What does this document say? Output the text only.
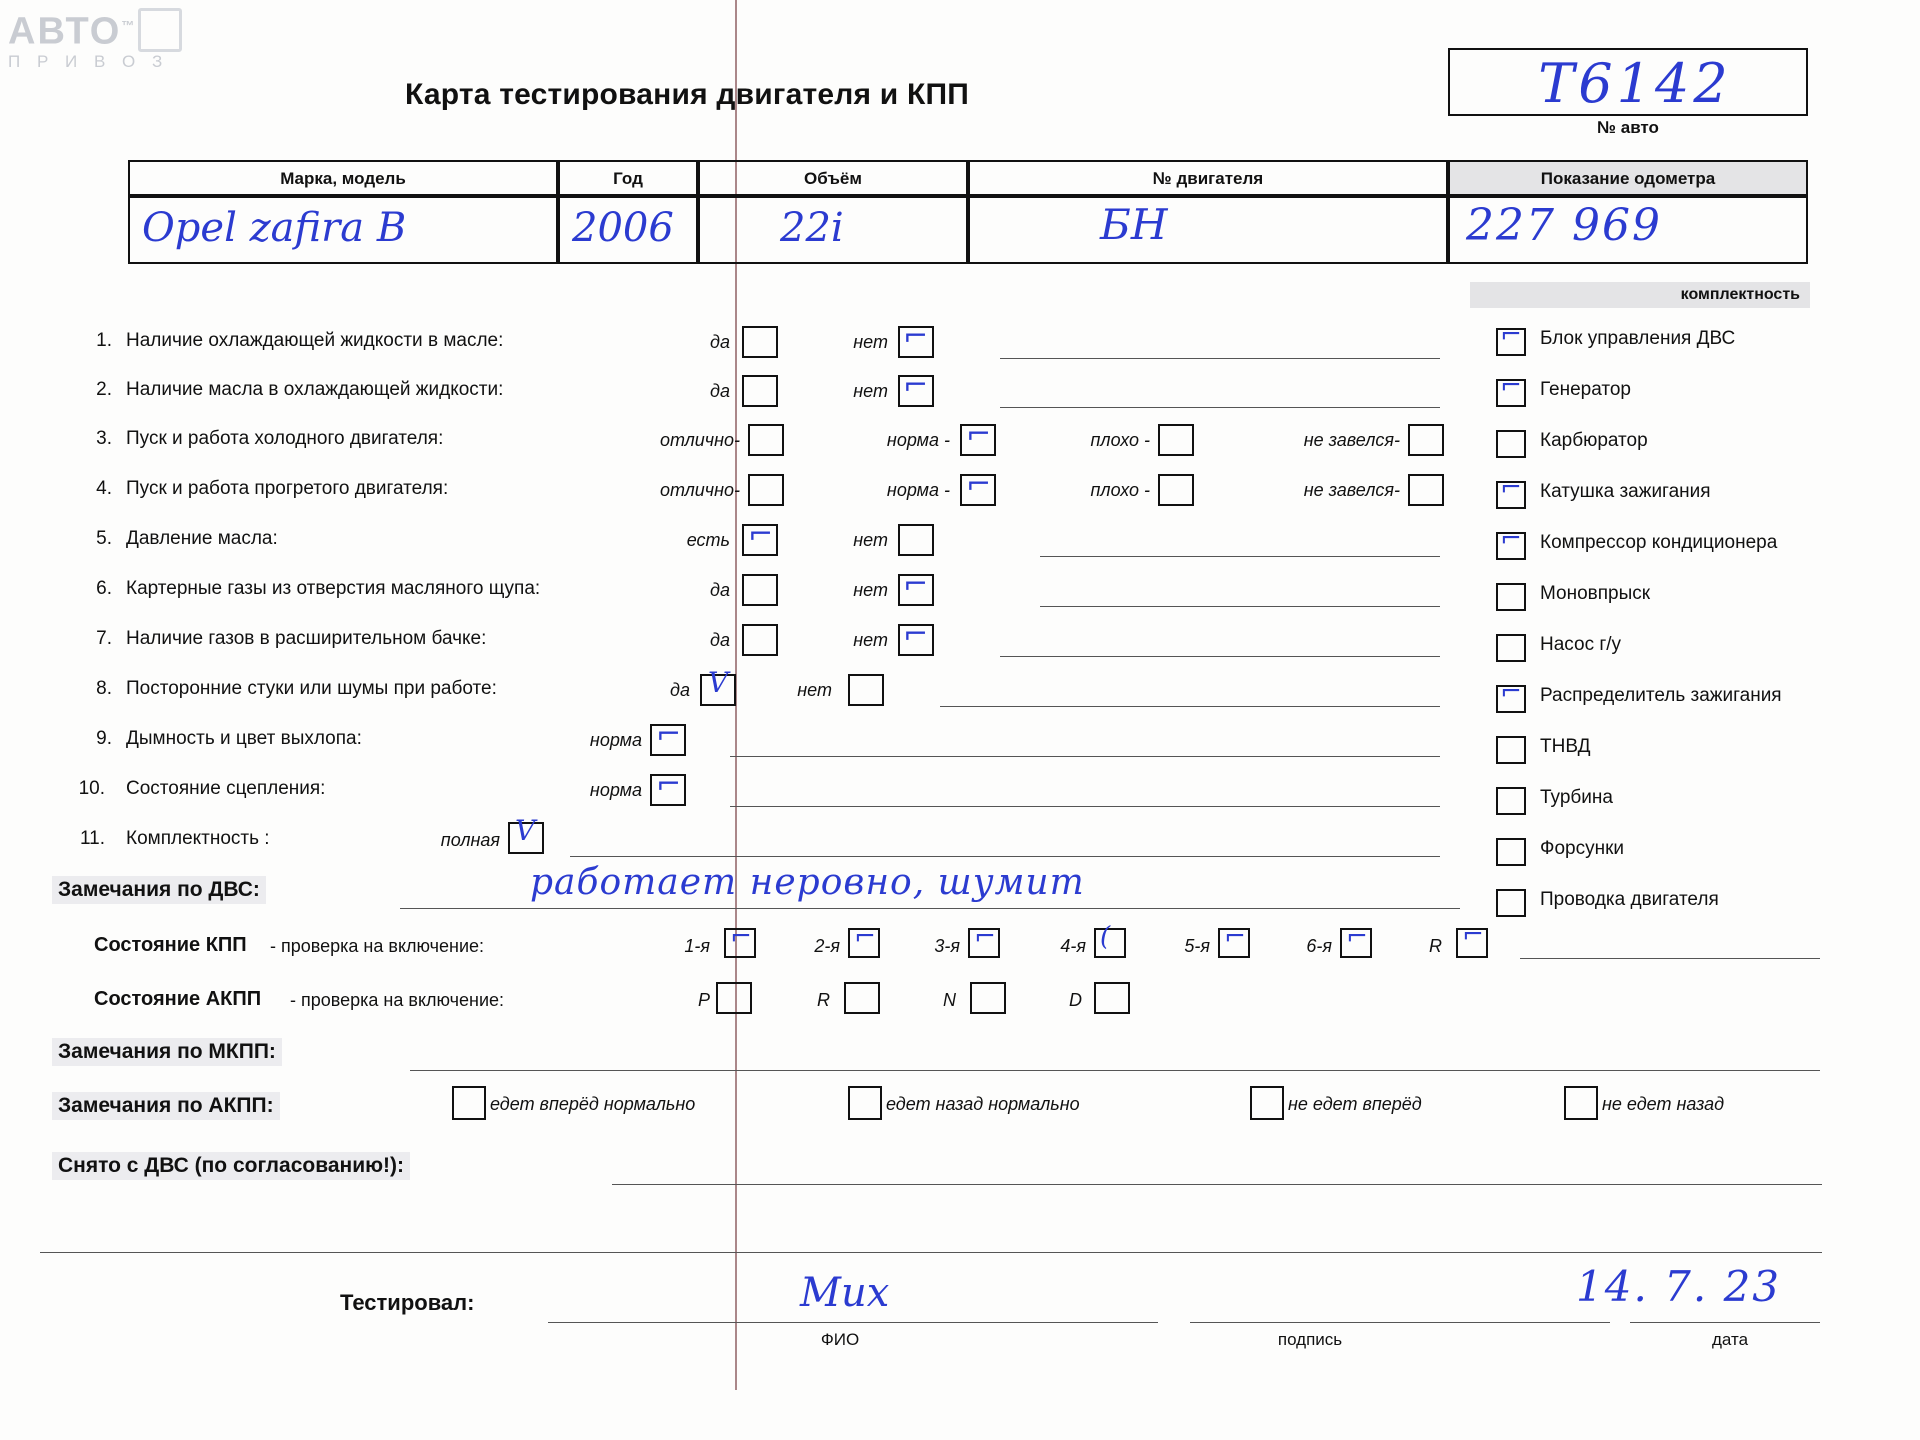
АВТО™
П Р И В О З
Карта тестирования двигателя и КПП	Т6142
№ авто
Марка, модель	Год	Объём	№ двигателя	Показание одометра
Opel zafira B	2006	22i	БН	227 969
комплектность
1. Наличие охлаждающей жидкости в масле:	да	нет ⌐
2. Наличие масла в охлаждающей жидкости:	да	нет ⌐
3. Пуск и работа холодного двигателя:	отлично-	норма - ⌐	плохо -	не завелся-
4. Пуск и работа прогретого двигателя:	отлично-	норма - ⌐	плохо -	не завелся-
5. Давление масла:	есть ⌐	нет
6. Картерные газы из отверстия масляного щупа:	да	нет ⌐
7. Наличие газов в расширительном бачке:	да	нет ⌐
8. Посторонние стуки или шумы при работе:	да V	нет
9. Дымность и цвет выхлопа:	норма ⌐
10. Состояние сцепления:	норма ⌐
11. Комплектность :	полная V
⌐ Блок управления ДВС
⌐ Генератор
Карбюратор
⌐ Катушка зажигания
⌐ Компрессор кондиционера
Моновпрыск
Насос г/у
⌐ Распределитель зажигания
ТНВД
Турбина
Форсунки
Проводка двигателя
Замечания по ДВС:	работает неровно, шумит
Состояние КПП - проверка на включение:	1-я ⌐	2-я ⌐	3-я ⌐	4-я (	5-я ⌐	6-я ⌐	R ⌐
Состояние АКПП - проверка на включение:	P	R	N	D
Замечания по МКПП:
Замечания по АКПП:	едет вперёд нормально	едет назад нормально	не едет вперёд	не едет назад
Снято с ДВС (по согласованию!):
Тестировал:	Мих	14. 7. 23
ФИО	подпись	дата
